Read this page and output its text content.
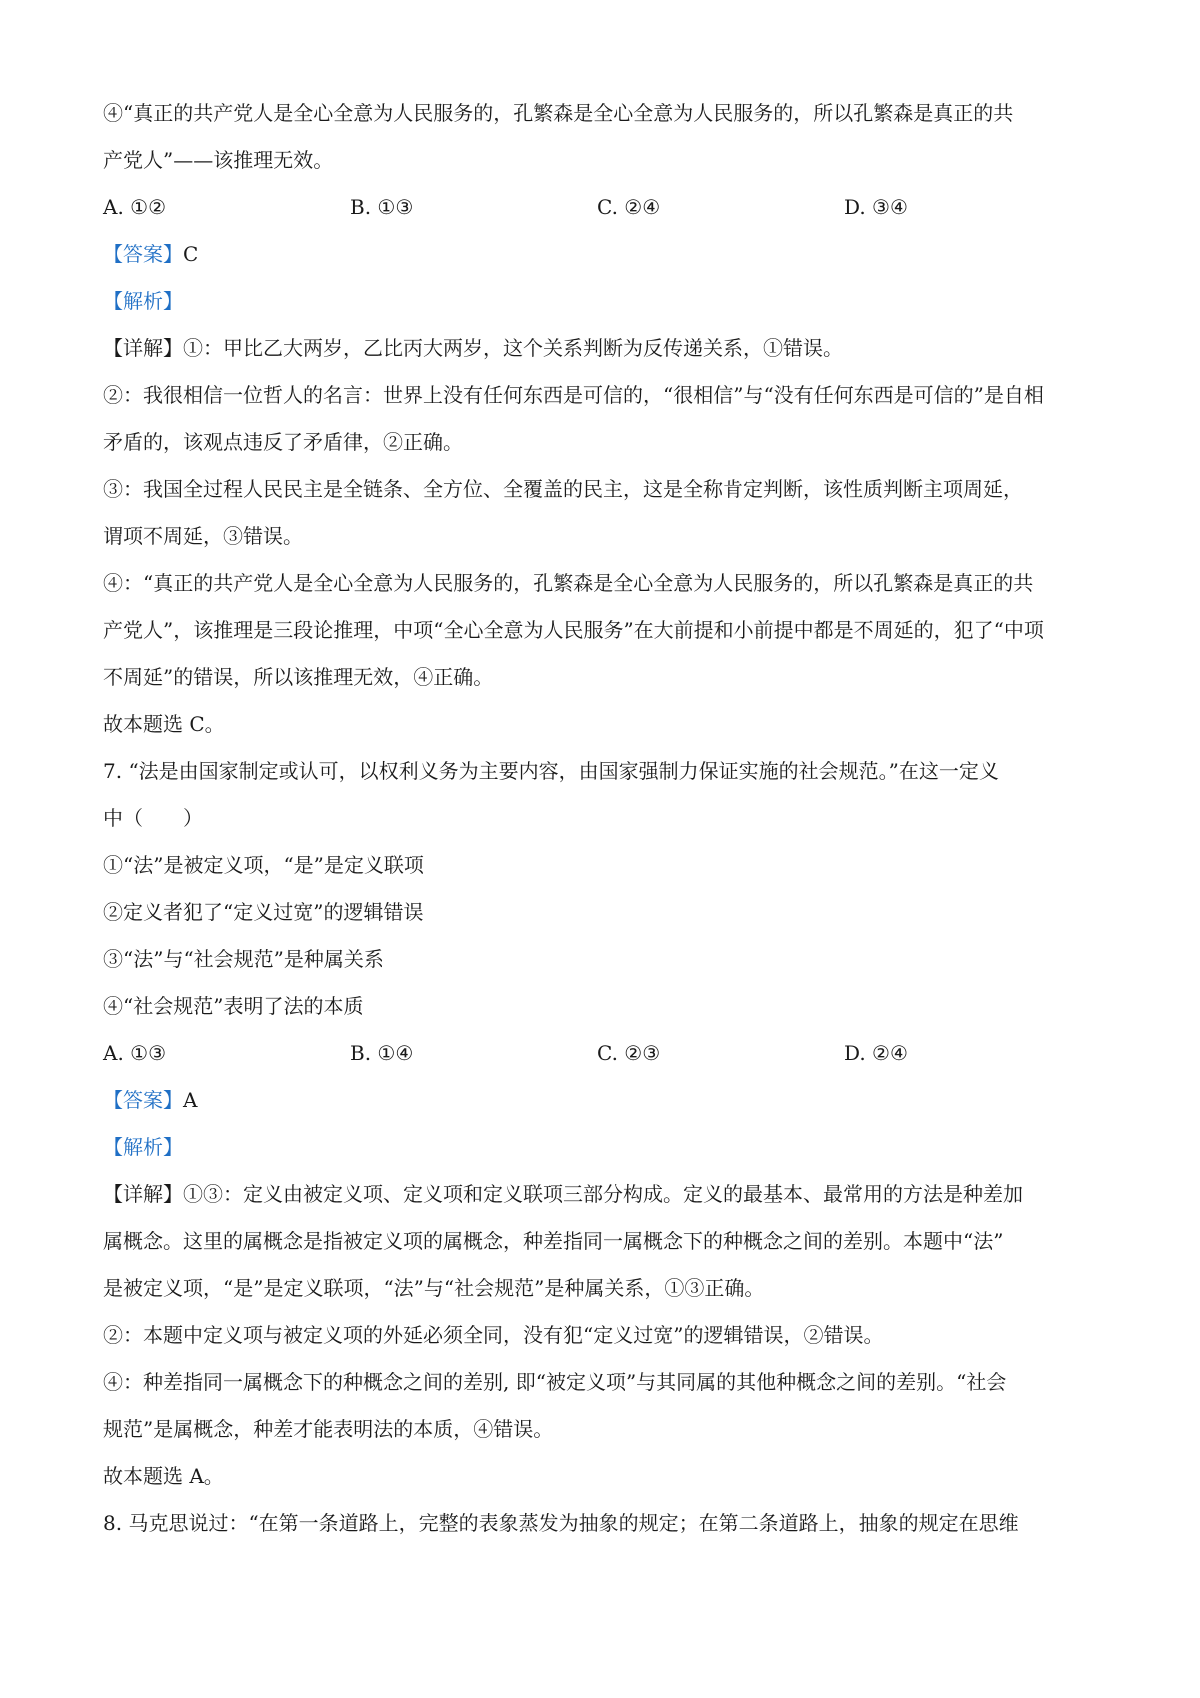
④“真正的共产党人是全心全意为人民服务的，孔繁森是全心全意为人民服务的，所以孔繁森是真正的共
产党人”——该推理无效。
A. ①②	B. ①③	C. ②④	D. ③④
【答案】C
【解析】
【详解】①：甲比乙大两岁，乙比丙大两岁，这个关系判断为反传递关系，①错误。
②：我很相信一位哲人的名言：世界上没有任何东西是可信的，“很相信”与“没有任何东西是可信的”是自相
矛盾的，该观点违反了矛盾律，②正确。
③：我国全过程人民民主是全链条、全方位、全覆盖的民主，这是全称肯定判断，该性质判断主项周延，
谓项不周延，③错误。
④：“真正的共产党人是全心全意为人民服务的，孔繁森是全心全意为人民服务的，所以孔繁森是真正的共
产党人”，该推理是三段论推理，中项“全心全意为人民服务”在大前提和小前提中都是不周延的，犯了“中项
不周延”的错误，所以该推理无效，④正确。
故本题选 C。
7. “法是由国家制定或认可，以权利义务为主要内容，由国家强制力保证实施的社会规范。”在这一定义
中（　　）
①“法”是被定义项，“是”是定义联项
②定义者犯了“定义过宽”的逻辑错误
③“法”与“社会规范”是种属关系
④“社会规范”表明了法的本质
A. ①③	B. ①④	C. ②③	D. ②④
【答案】A
【解析】
【详解】①③：定义由被定义项、定义项和定义联项三部分构成。定义的最基本、最常用的方法是种差加
属概念。这里的属概念是指被定义项的属概念，种差指同一属概念下的种概念之间的差别。本题中“法”
是被定义项，“是”是定义联项，“法”与“社会规范”是种属关系，①③正确。
②：本题中定义项与被定义项的外延必须全同，没有犯“定义过宽”的逻辑错误，②错误。
④：种差指同一属概念下的种概念之间的差别, 即“被定义项”与其同属的其他种概念之间的差别。“社会
规范”是属概念，种差才能表明法的本质，④错误。
故本题选 A。
8. 马克思说过：“在第一条道路上，完整的表象蒸发为抽象的规定；在第二条道路上，抽象的规定在思维
